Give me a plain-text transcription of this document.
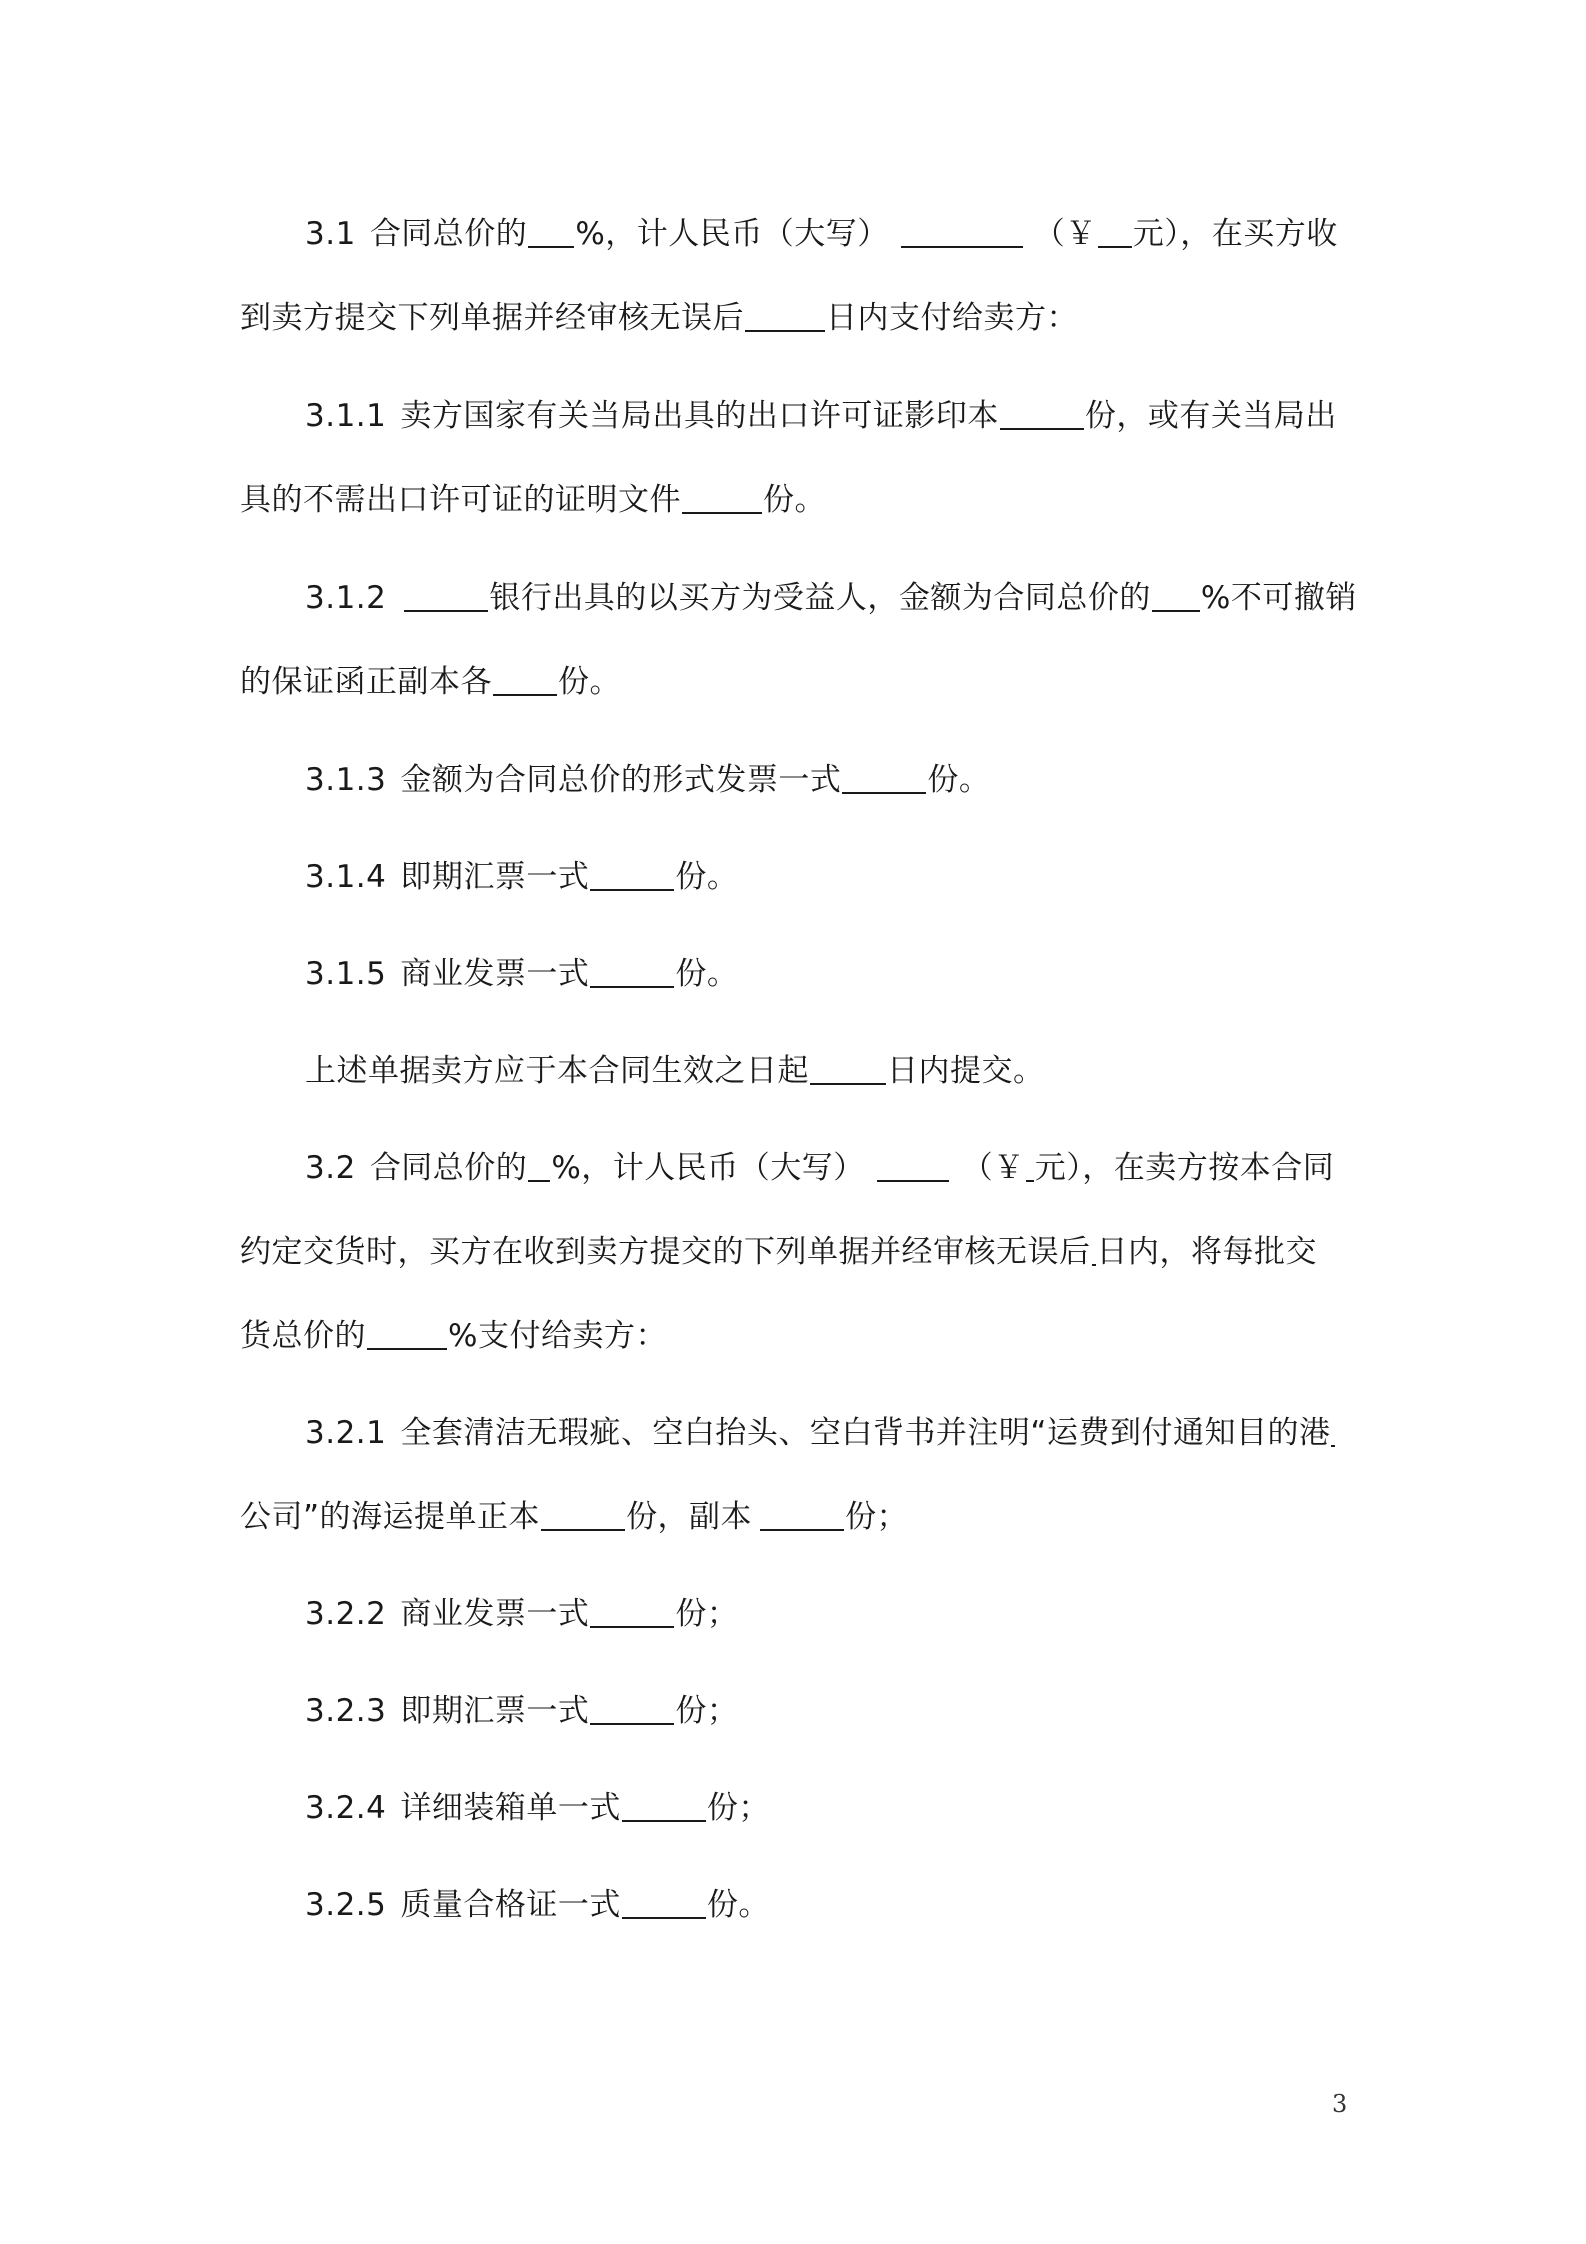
3.1 合同总价的 %，计人民币（大写）	（￥ 元），在买方收
到卖方提交下列单据并经审核无误后	日内支付给卖方：
3.1.1 卖方国家有关当局出具的出口许可证影印本	份，或有关当局出
具的不需出口许可证的证明文件	份。
3.1.2	银行出具的以买方为受益人，金额为合同总价的 %不可撤销
的保证函正副本各 份。
3.1.3 金额为合同总价的形式发票一式	份。
3.1.4 即期汇票一式	份。
3.1.5 商业发票一式	份。
上述单据卖方应于本合同生效之日起	日内提交。
3.2 合同总价的 %，计人民币（大写）	（￥ 元），在卖方按本合同
约定交货时，买方在收到卖方提交的下列单据并经审核无误后 日内，将每批交
货总价的	%支付给卖方：
3.2.1 全套清洁无瑕疵、空白抬头、空白背书并注明“运费到付通知目的港
公司”的海运提单正本	份，副本	份；
3.2.2 商业发票一式	份；
3.2.3 即期汇票一式	份；
3.2.4 详细装箱单一式	份；
3.2.5 质量合格证一式	份。
3
